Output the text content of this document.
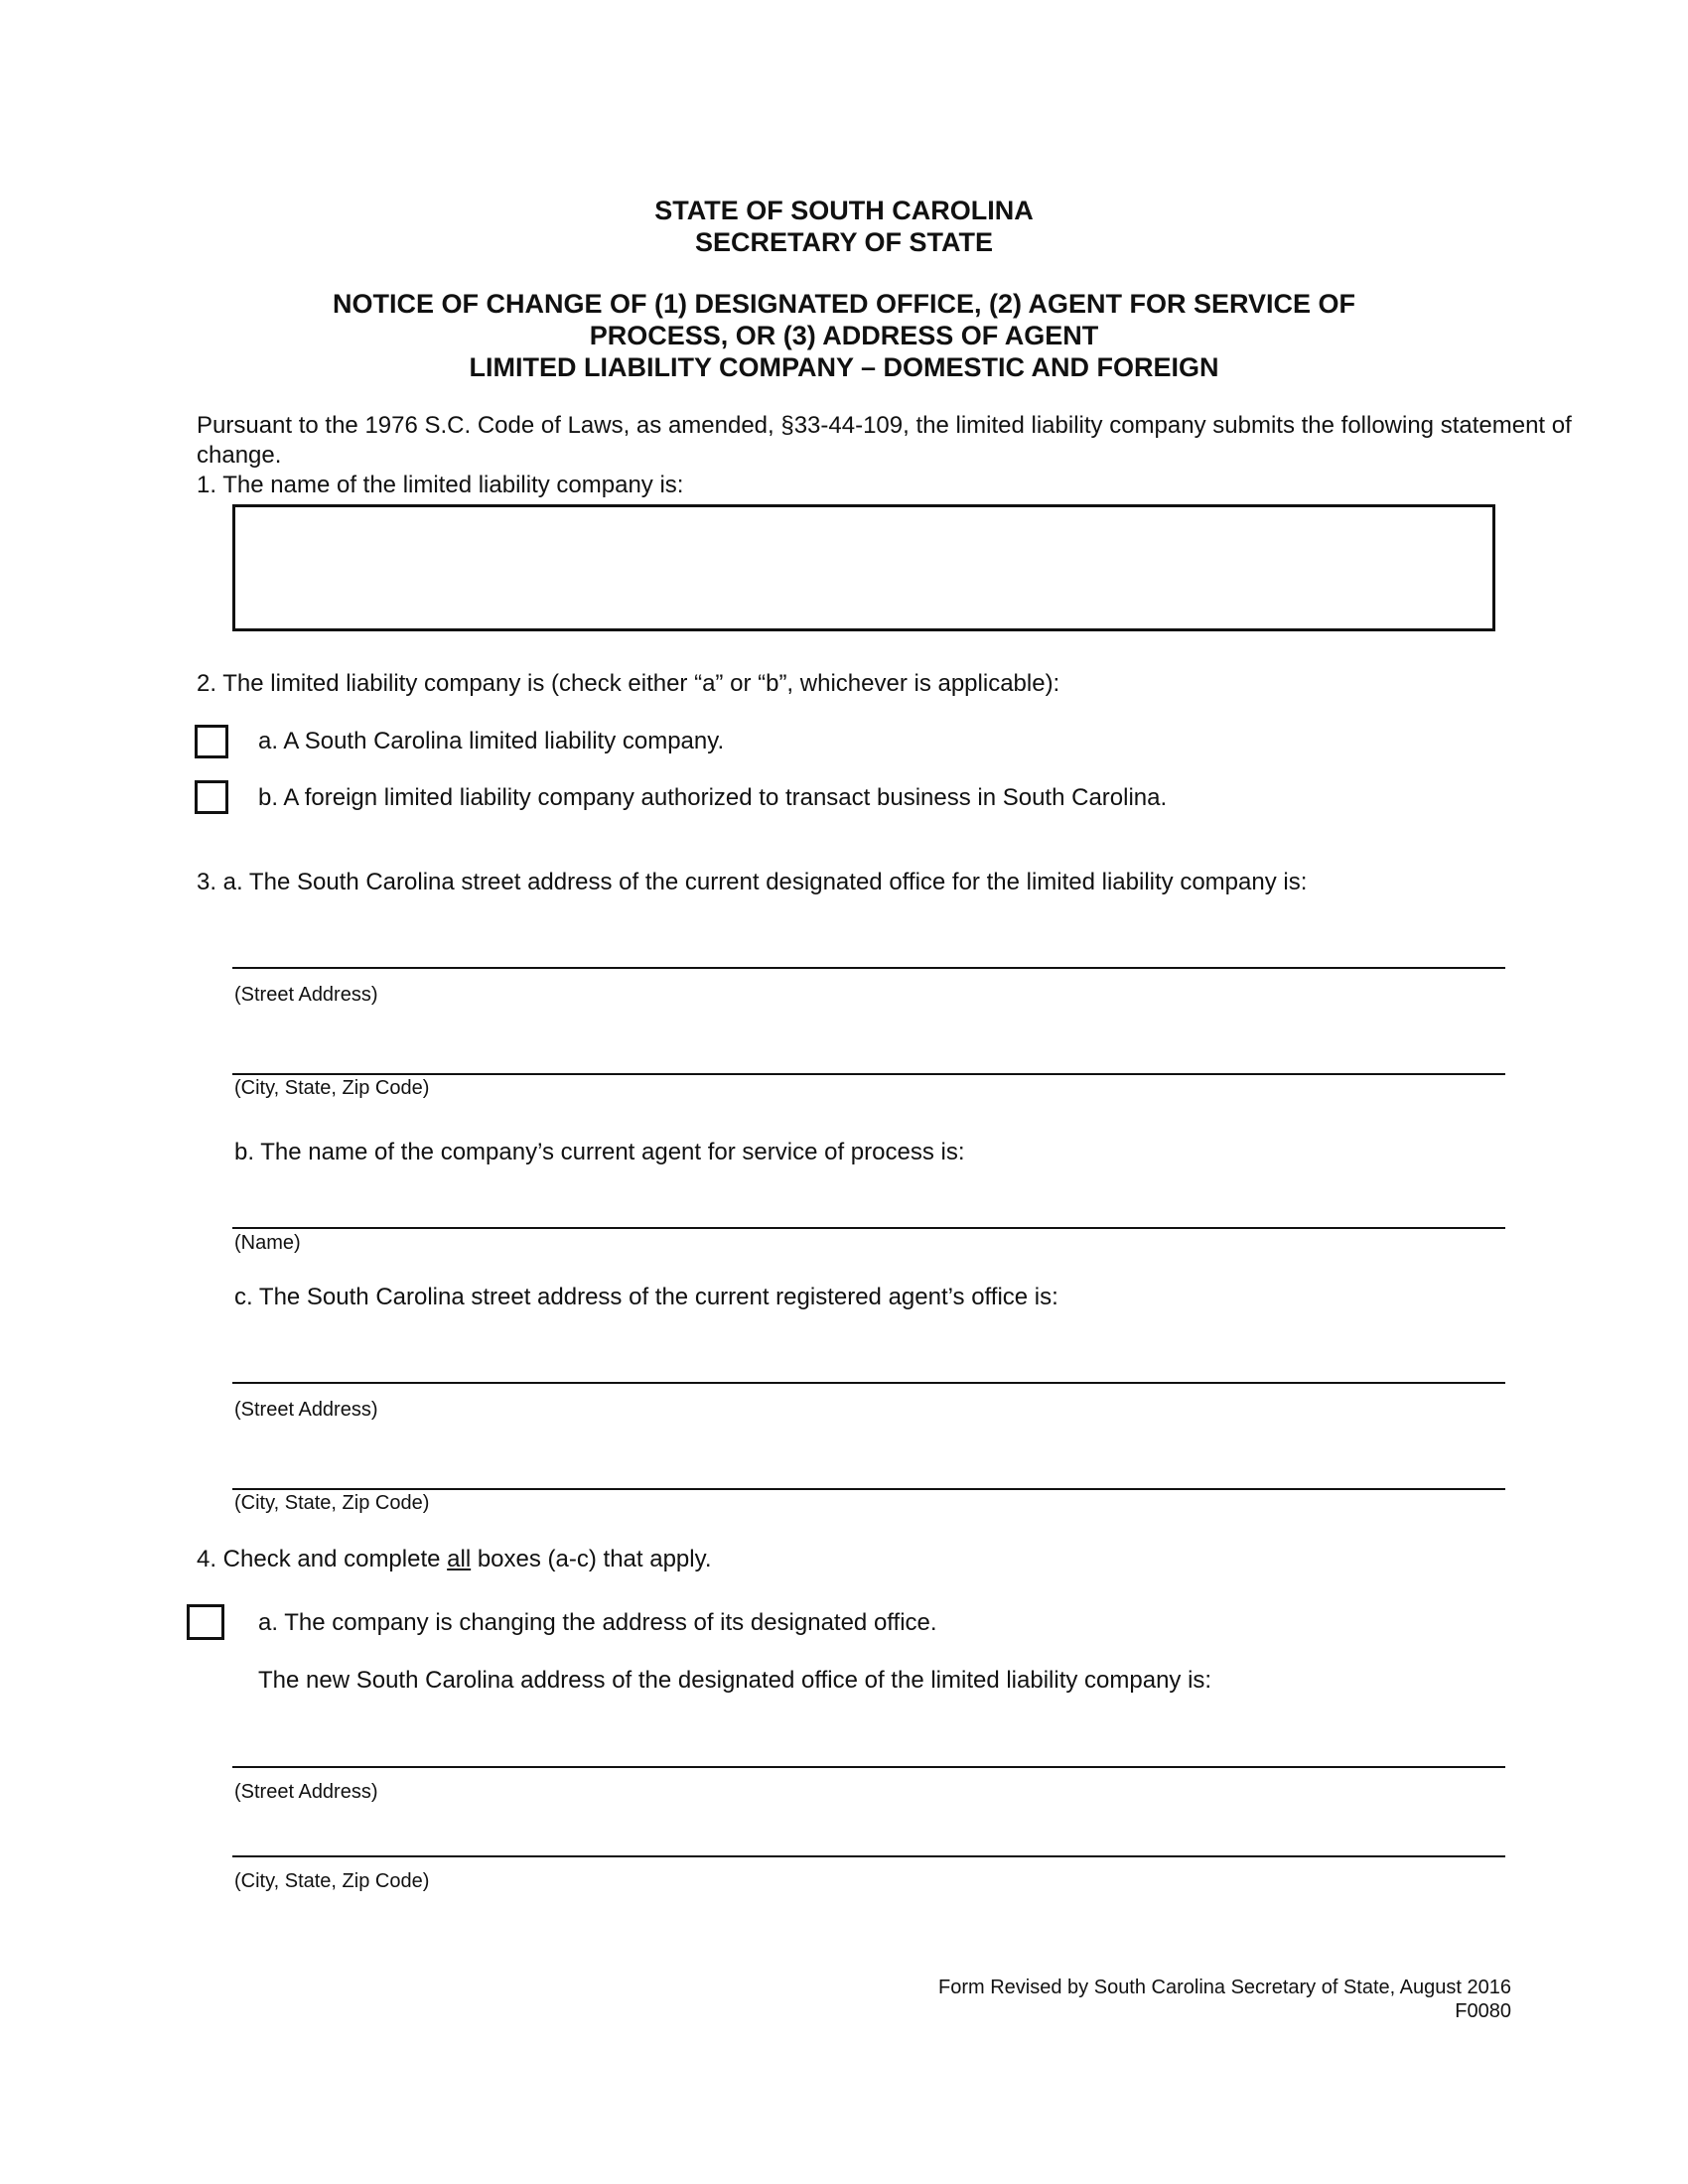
STATE OF SOUTH CAROLINA
SECRETARY OF STATE
NOTICE OF CHANGE OF (1) DESIGNATED OFFICE, (2) AGENT FOR SERVICE OF
PROCESS, OR (3) ADDRESS OF AGENT
LIMITED LIABILITY COMPANY – DOMESTIC AND FOREIGN
Pursuant to the 1976 S.C. Code of Laws, as amended, §33-44-109, the limited liability company submits the following statement of
change.
1. The name of the limited liability company is:
2. The limited liability company is (check either “a” or “b”, whichever is applicable):
a. A South Carolina limited liability company.
b. A foreign limited liability company authorized to transact business in South Carolina.
3. a. The South Carolina street address of the current designated office for the limited liability company is:
(Street Address)
(City, State, Zip Code)
b. The name of the company’s current agent for service of process is:
(Name)
c. The South Carolina street address of the current registered agent’s office is:
(Street Address)
(City, State, Zip Code)
4. Check and complete all boxes (a-c) that apply.
a. The company is changing the address of its designated office.
The new South Carolina address of the designated office of the limited liability company is:
(Street Address)
(City, State, Zip Code)
Form Revised by South Carolina Secretary of State, August 2016
F0080
